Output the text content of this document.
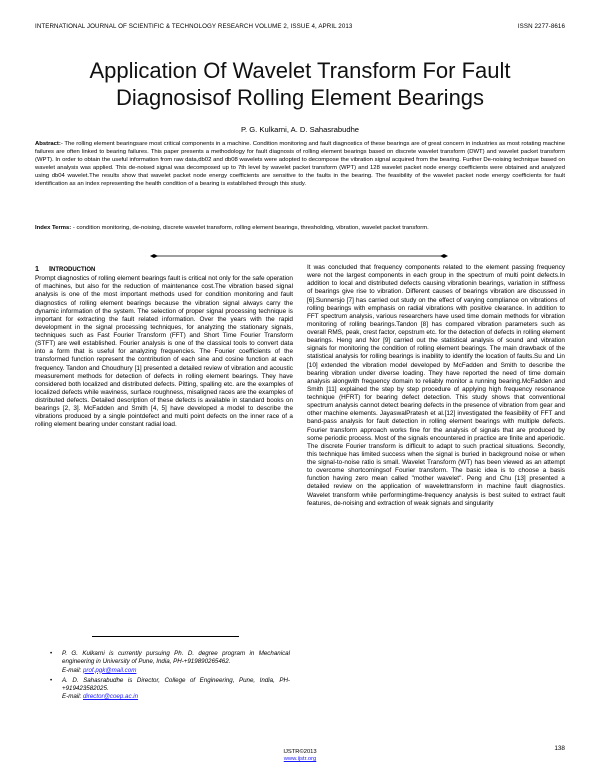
INTERNATIONAL JOURNAL OF SCIENTIFIC & TECHNOLOGY RESEARCH VOLUME 2, ISSUE 4, APRIL 2013	ISSN 2277-8616
Application Of Wavelet Transform For Fault
Diagnosisof Rolling Element Bearings
P. G. Kulkarni, A. D. Sahasrabudhe
Abstract:- The rolling element bearingsare most critical components in a machine. Condition monitoring and fault diagnostics of these bearings are of great concern in industries as most rotating machine failures are often linked to bearing failures. This paper presents a methodology for fault diagnosis of rolling element bearings based on discrete wavelet transform (DWT) and wavelet packet transform (WPT). In order to obtain the useful information from raw data,db02 and db08 wavelets were adopted to decompose the vibration signal acquired from the bearing. Further De-noising technique based on wavelet analysis was applied. This de-noised signal was decomposed up to 7th level by wavelet packet transform (WPT) and 128 wavelet packet node energy coefficients were obtained and analyzed using db04 wavelet.The results show that wavelet packet node energy coefficients are sensitive to the faults in the bearing. The feasibility of the wavelet packet node energy coefficients for fault identification as an index representing the health condition of a bearing is established through this study.
Index Terms: - condition monitoring, de-noising, discrete wavelet transform, rolling element bearings, thresholding, vibration, wavelet packet transform.
1 INTRODUCTION
Prompt diagnostics of rolling element bearings fault is critical not only for the safe operation of machines, but also for the reduction of maintenance cost.The vibration based signal analysis is one of the most important methods used for condition monitoring and fault diagnostics of rolling element bearings because the vibration signal always carry the dynamic information of the system. The selection of proper signal processing technique is important for extracting the fault related information. Over the years with the rapid development in the signal processing techniques, for analyzing the stationary signals, techniques such as Fast Fourier Transform (FFT) and Short Time Fourier Transform (STFT) are well established. Fourier analysis is one of the classical tools to convert data into a form that is useful for analyzing frequencies. The Fourier coefficients of the transformed function represent the contribution of each sine and cosine function at each frequency. Tandon and Choudhury [1] presented a detailed review of vibration and acoustic measurement methods for detection of defects in rolling element bearings. They have considered both localized and distributed defects. Pitting, spalling etc. are the examples of localized defects while waviness, surface roughness, misaligned races are the examples of distributed defects. Detailed description of these defects is available in standard books on bearings [2, 3]. McFadden and Smith [4, 5] have developed a model to describe the vibrations produced by a single pointdefect and multi point defects on the inner race of a rolling element bearing under constant radial load.
It was concluded that frequency components related to the element passing frequency were not the largest components in each group in the spectrum of multi point defects.In addition to local and distributed defects causing vibrationin bearings, variation in stiffness of bearings give rise to vibration. Different causes of bearings vibration are discussed in [6].Sunnersjo [7] has carried out study on the effect of varying compliance on vibrations of rolling bearings with emphasis on radial vibrations with positive clearance. In addition to FFT spectrum analysis, various researchers have used time domain methods for vibration monitoring of rolling bearings.Tandon [8] has compared vibration parameters such as overall RMS, peak, crest factor, cepstrum etc. for the detection of defects in rolling element bearings. Heng and Nor [9] carried out the statistical analysis of sound and vibration signals for monitoring the condition of rolling element bearings. The main drawback of the statistical analysis for rolling bearings is inability to identify the location of faults.Su and Lin [10] extended the vibration model developed by McFadden and Smith to describe the bearing vibration under diverse loading. They have reported the need of time domain analysis alongwith frequency domain to reliably monitor a running bearing.McFadden and Smith [11] explained the step by step procedure of applying high frequency resonance technique (HFRT) for bearing defect detection. This study shows that conventional spectrum analysis cannot detect bearing defects in the presence of vibration from gear and other machine elements. JayaswalPratesh et al.[12] investigated the feasibility of FFT and band-pass analysis for fault detection in rolling element bearings with multiple defects. Fourier transform approach works fine for the analysis of signals that are produced by some periodic process. Most of the signals encountered in practice are finite and aperiodic. The discrete Fourier transform is difficult to adapt to such practical situations. Secondly, this technique has limited success when the signal is buried in background noise or when the signal-to-noise ratio is small. Wavelet Transform (WT) has been viewed as an attempt to overcome shortcomingsof Fourier transform. The basic idea is to choose a basis function having zero mean called "mother wavelet". Peng and Chu [13] presented a detailed review on the application of wavelettransform in machine fault diagnostics. Wavelet transform while performingtime-frequency analysis is best suited to extract fault features, de-noising and extraction of weak signals and singularity
• P. G. Kulkarni is currently pursuing Ph. D. degree program in Mechanical engineering in University of Pune, India, PH-+919890265462.
E-mail: prof.pgk@mail.com
• A. D. Sahasrabudhe is Director, College of Engineering, Pune, India, PH-+919423582025.
E-mail: director@coep.ac.in
138
IJSTR©2013
www.ijstr.org
